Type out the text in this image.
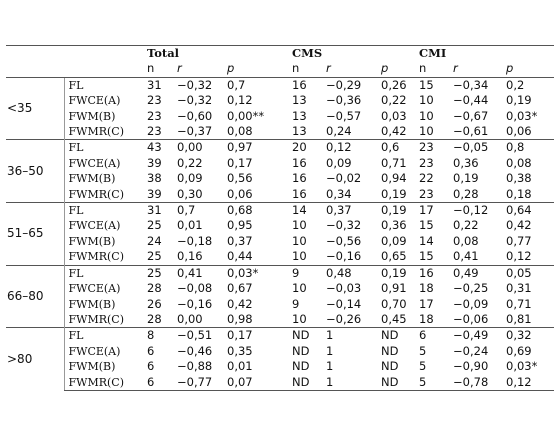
		Total			CMS			CMI		
		n	r	p	n	r	p	n	r	p
<35	FL	31	−0,32	0,7	16	−0,29	0,26	15	−0,34	0,2
	FWCE(A)	23	−0,32	0,12	13	−0,36	0,22	10	−0,44	0,19
	FWM(B)	23	−0,60	0,00**	13	−0,57	0,03	10	−0,67	0,03*
	FWMR(C)	23	−0,37	0,08	13	0,24	0,42	10	−0,61	0,06
36–50	FL	43	0,00	0,97	20	0,12	0,6	23	−0,05	0,8
	FWCE(A)	39	0,22	0,17	16	0,09	0,71	23	0,36	0,08
	FWM(B)	38	0,09	0,56	16	−0,02	0,94	22	0,19	0,38
	FWMR(C)	39	0,30	0,06	16	0,34	0,19	23	0,28	0,18
51–65	FL	31	0,7	0,68	14	0,37	0,19	17	−0,12	0,64
	FWCE(A)	25	0,01	0,95	10	−0,32	0,36	15	0,22	0,42
	FWM(B)	24	−0,18	0,37	10	−0,56	0,09	14	0,08	0,77
	FWMR(C)	25	0,16	0,44	10	−0,16	0,65	15	0,41	0,12
66–80	FL	25	0,41	0,03*	9	0,48	0,19	16	0,49	0,05
	FWCE(A)	28	−0,08	0,67	10	−0,03	0,91	18	−0,25	0,31
	FWM(B)	26	−0,16	0,42	9	−0,14	0,70	17	−0,09	0,71
	FWMR(C)	28	0,00	0,98	10	−0,26	0,45	18	−0,06	0,81
>80	FL	8	−0,51	0,17	ND	1	ND	6	−0,49	0,32
	FWCE(A)	6	−0,46	0,35	ND	1	ND	5	−0,24	0,69
	FWM(B)	6	−0,88	0,01	ND	1	ND	5	−0,90	0,03*
	FWMR(C)	6	−0,77	0,07	ND	1	ND	5	−0,78	0,12
